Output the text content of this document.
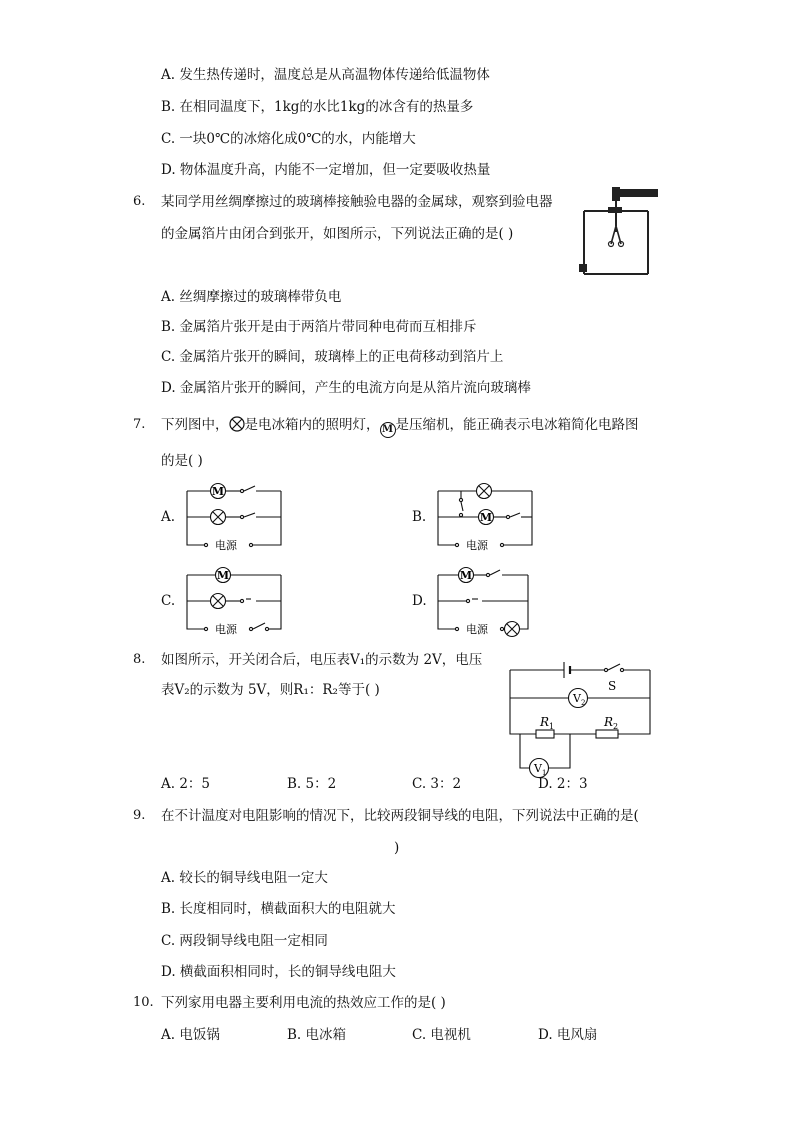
A. 发生热传递时，温度总是从高温物体传递给低温物体
B. 在相同温度下，1kg的水比1kg的冰含有的热量多
C. 一块0℃的冰熔化成0℃的水，内能增大
D. 物体温度升高，内能不一定增加，但一定要吸收热量
6. 某同学用丝绸摩擦过的玻璃棒接触验电器的金属球，观察到验电器
的金属箔片由闭合到张开，如图所示，下列说法正确的是( )
A. 丝绸摩擦过的玻璃棒带负电
B. 金属箔片张开是由于两箔片带同种电荷而互相排斥
C. 金属箔片张开的瞬间，玻璃棒上的正电荷移动到箔片上
D. 金属箔片张开的瞬间，产生的电流方向是从箔片流向玻璃棒
7. 下列图中， 是电冰箱内的照明灯， M 是压缩机，能正确表示电冰箱简化电路图
的是( )
A.	B.
C.	D.
M
电源
M
电源
M
电源
M
电源
8. 如图所示，开关闭合后，电压表V₁的示数为 2V，电压
表V₂的示数为 5V，则R₁：R₂等于( )	S
V 2
R 1	R 2
V 1
A. 2：5	B. 5：2	C. 3：2	D. 2：3
9. 在不计温度对电阻影响的情况下，比较两段铜导线的电阻，下列说法中正确的是(
)
A. 较长的铜导线电阻一定大
B. 长度相同时，横截面积大的电阻就大
C. 两段铜导线电阻一定相同
D. 横截面积相同时，长的铜导线电阻大
10. 下列家用电器主要利用电流的热效应工作的是( )
A. 电饭锅	B. 电冰箱	C. 电视机	D. 电风扇
